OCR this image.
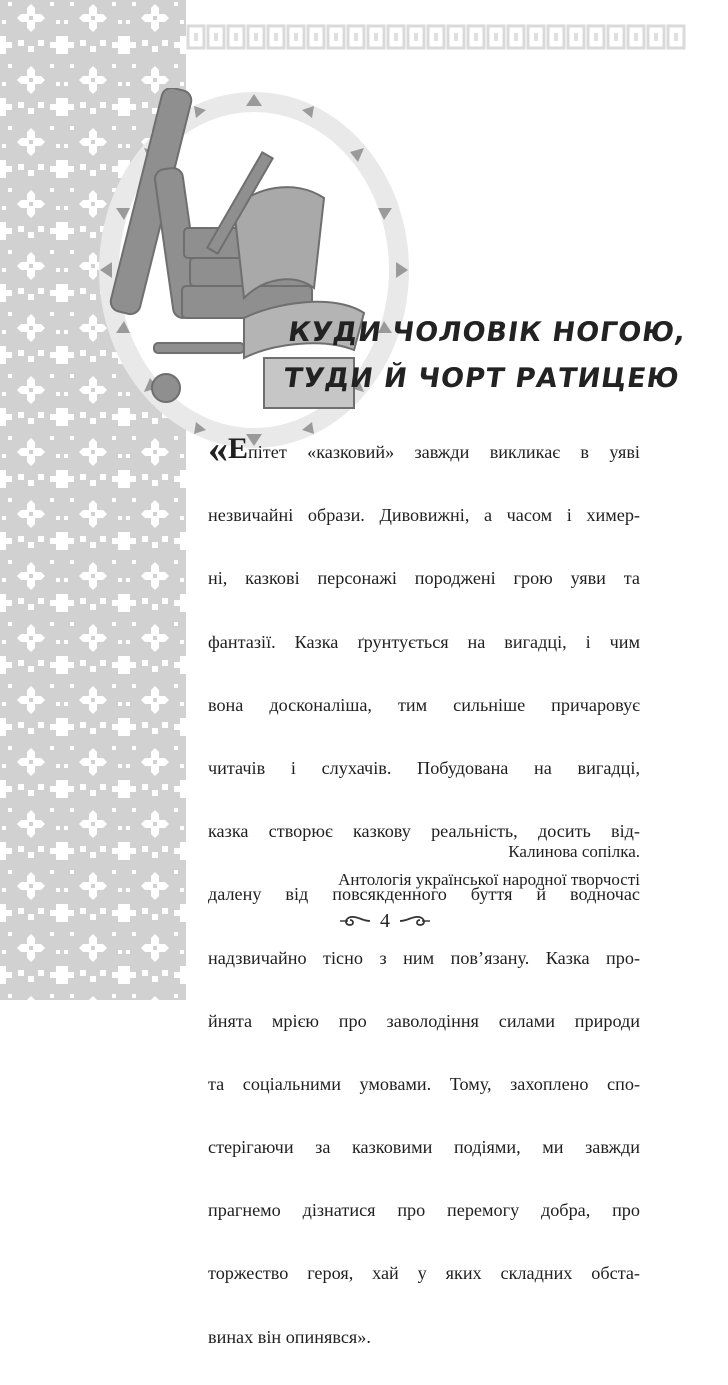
КУДИ ЧОЛОВІК НОГОЮ,
ТУДИ Й ЧОРТ РАТИЦЕЮ

«Епітет «казковий» завжди викликає в уяві

незвичайні образи. Дивовижні, а часом і химер-

ні, казкові персонажі породжені грою уяви та

фантазії. Казка ґрунтується на вигадці, і чим

вона досконаліша, тим сильніше причаровує

читачів і слухачів. Побудована на вигадці,

казка створює казкову реальність, досить від-

далену від повсякденного буття й водночас

надзвичайно тісно з ним пов’язану. Казка про-

йнята мрією про заволодіння силами природи

та соціальними умовами. Тому, захоплено спо-

стерігаючи за казковими подіями, ми завжди

прагнемо дізнатися про перемогу добра, про

торжество героя, хай у яких складних обста-

винах він опинявся».

Калинова сопілка.
Антологія української народної творчості
4
